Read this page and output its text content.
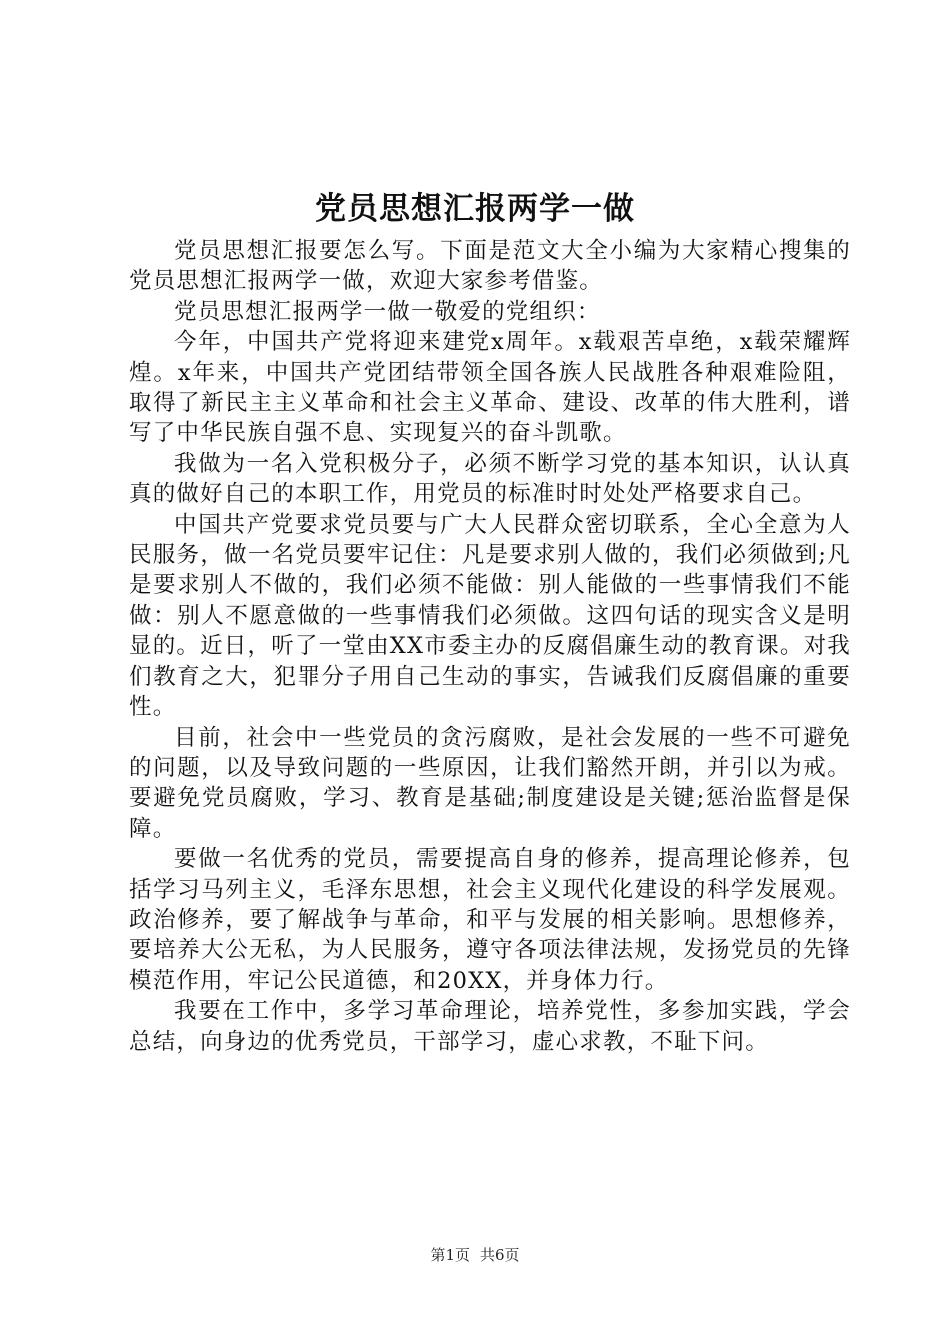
党员思想汇报两学一做

党员思想汇报要怎么写。下面是范文大全小编为大家精心搜集的党员思想汇报两学一做，欢迎大家参考借鉴。

党员思想汇报两学一做一敬爱的党组织：

今年，中国共产党将迎来建党x周年。x载艰苦卓绝，x载荣耀辉煌。x年来，中国共产党团结带领全国各族人民战胜各种艰难险阻，取得了新民主主义革命和社会主义革命、建设、改革的伟大胜利，谱写了中华民族自强不息、实现复兴的奋斗凯歌。

我做为一名入党积极分子，必须不断学习党的基本知识，认认真真的做好自己的本职工作，用党员的标准时时处处严格要求自己。

中国共产党要求党员要与广大人民群众密切联系，全心全意为人民服务，做一名党员要牢记住：凡是要求别人做的，我们必须做到;凡是要求别人不做的，我们必须不能做：别人能做的一些事情我们不能做：别人不愿意做的一些事情我们必须做。这四句话的现实含义是明显的。近日，听了一堂由XX市委主办的反腐倡廉生动的教育课。对我们教育之大，犯罪分子用自己生动的事实，告诫我们反腐倡廉的重要性。

目前，社会中一些党员的贪污腐败，是社会发展的一些不可避免的问题，以及导致问题的一些原因，让我们豁然开朗，并引以为戒。要避免党员腐败，学习、教育是基础;制度建设是关键;惩治监督是保障。

要做一名优秀的党员，需要提高自身的修养，提高理论修养，包括学习马列主义，毛泽东思想，社会主义现代化建设的科学发展观。政治修养，要了解战争与革命，和平与发展的相关影响。思想修养，要培养大公无私，为人民服务，遵守各项法律法规，发扬党员的先锋模范作用，牢记公民道德，和20XX，并身体力行。

我要在工作中，多学习革命理论，培养党性，多参加实践，学会总结，向身边的优秀党员，干部学习，虚心求教，不耻下问。

第1页 共6页
